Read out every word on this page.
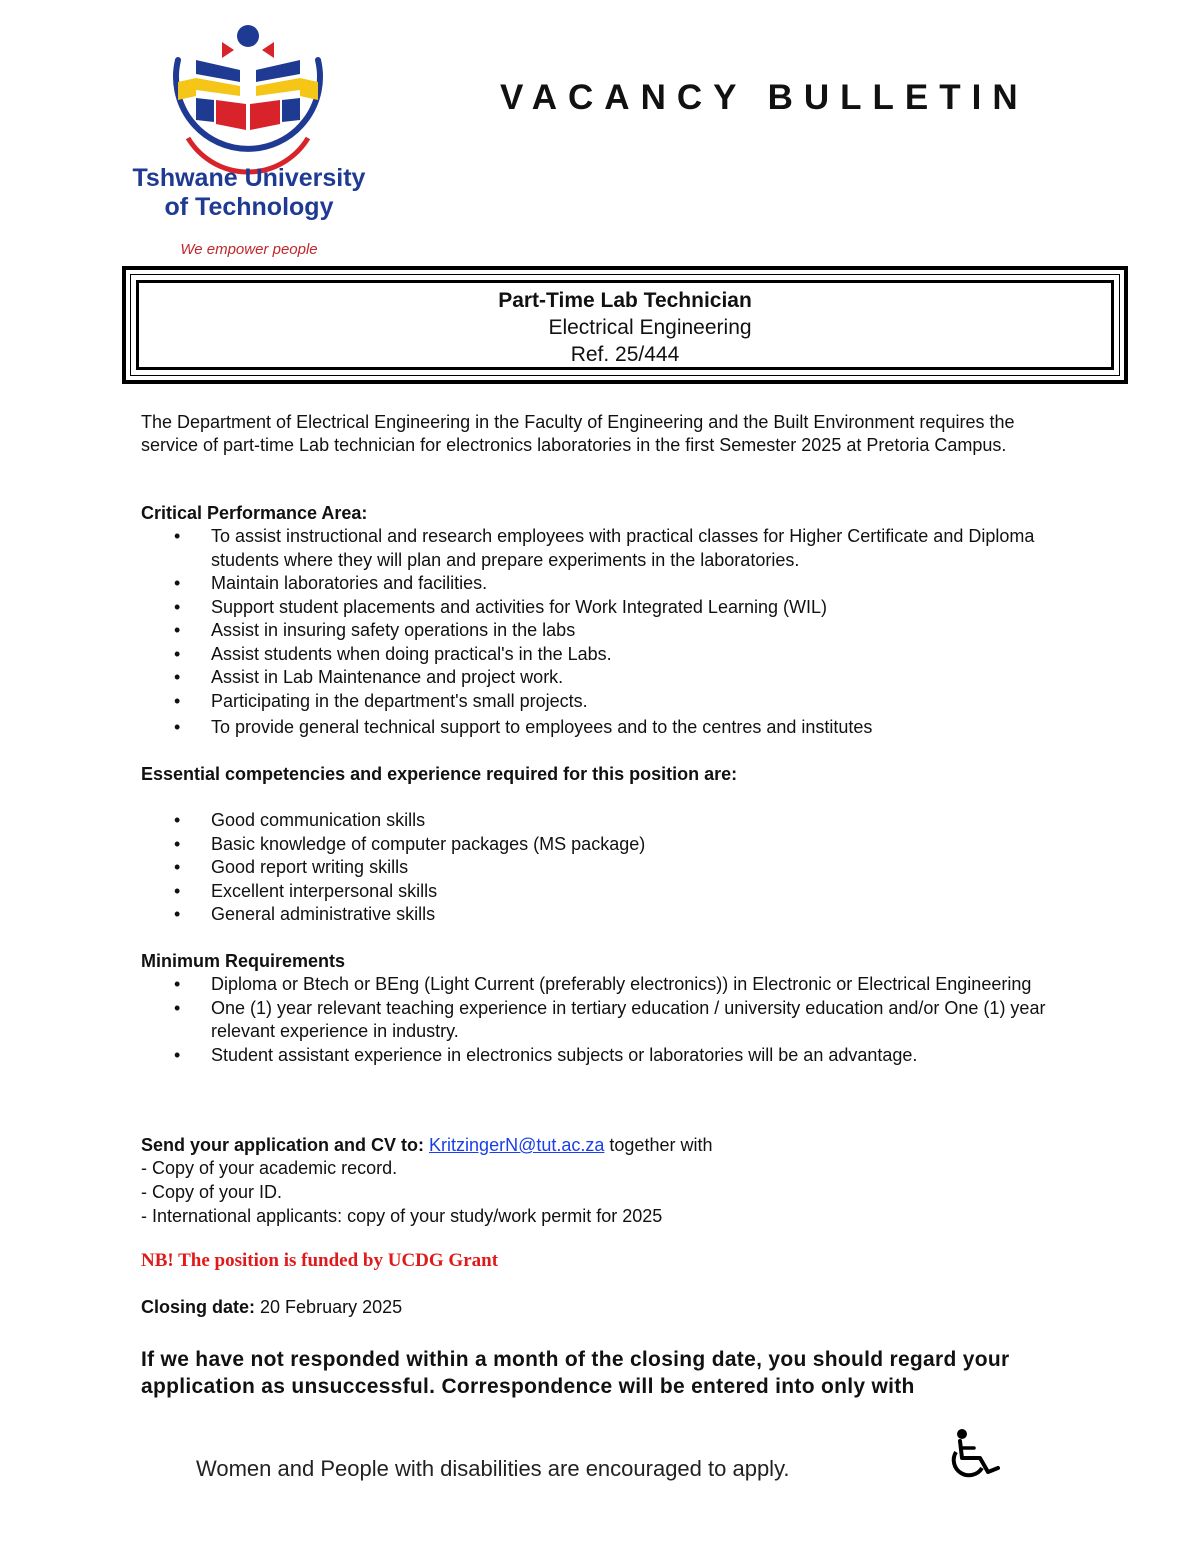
Tshwane University
of Technology
We empower people
VACANCY BULLETIN
Part-Time Lab Technician
Electrical Engineering
Ref. 25/444
The Department of Electrical Engineering in the Faculty of Engineering and the Built Environment requires the service of part-time Lab technician for electronics laboratories in the first Semester 2025 at Pretoria Campus.
Critical Performance Area:
• To assist instructional and research employees with practical classes for Higher Certificate and Diploma students where they will plan and prepare experiments in the laboratories.
• Maintain laboratories and facilities.
• Support student placements and activities for Work Integrated Learning (WIL)
• Assist in insuring safety operations in the labs
• Assist students when doing practical's in the Labs.
• Assist in Lab Maintenance and project work.
• Participating in the department's small projects.
• To provide general technical support to employees and to the centres and institutes
Essential competencies and experience required for this position are:
• Good communication skills
• Basic knowledge of computer packages (MS package)
• Good report writing skills
• Excellent interpersonal skills
• General administrative skills
Minimum Requirements
• Diploma or Btech or BEng (Light Current (preferably electronics)) in Electronic or Electrical Engineering
• One (1) year relevant teaching experience in tertiary education / university education and/or One (1) year relevant experience in industry.
• Student assistant experience in electronics subjects or laboratories will be an advantage.
Send your application and CV to: KritzingerN@tut.ac.za together with
- Copy of your academic record.
- Copy of your ID.
- International applicants: copy of your study/work permit for 2025
NB! The position is funded by UCDG Grant
Closing date: 20 February 2025
If we have not responded within a month of the closing date, you should regard your application as unsuccessful. Correspondence will be entered into only with
Women and People with disabilities are encouraged to apply.
